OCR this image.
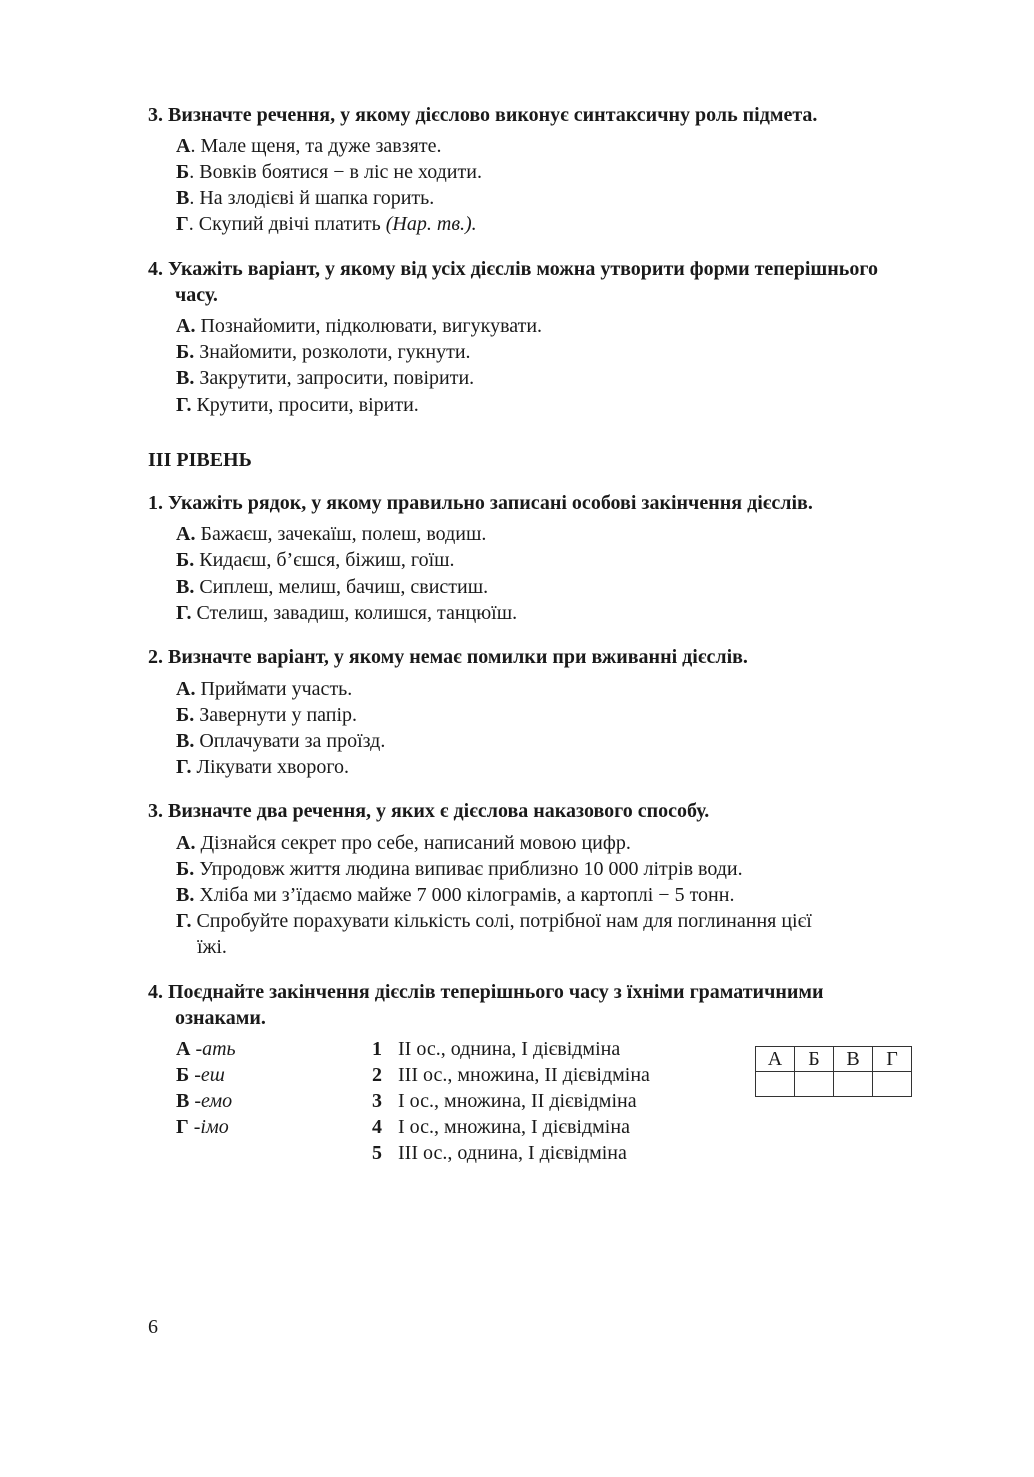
3. Визначте речення, у якому дієслово виконує синтаксичну роль підмета.
А. Мале щеня, та дуже завзяте.
Б. Вовків боятися − в ліс не ходити.
В. На злодієві й шапка горить.
Г. Скупий двічі платить (Нар. тв.).
4. Укажіть варіант, у якому від усіх дієслів можна утворити форми теперішнього
часу.
А. Познайомити, підколювати, вигукувати.
Б. Знайомити, розколоти, гукнути.
В. Закрутити, запросити, повірити.
Г. Крутити, просити, вірити.
ІІІ РІВЕНЬ
1. Укажіть рядок, у якому правильно записані особові закінчення дієслів.
А. Бажаєш, зачекаїш, полеш, водиш.
Б. Кидаєш, б’єшся, біжиш, гоїш.
В. Сиплеш, мелиш, бачиш, свистиш.
Г. Стелиш, завадиш, колишся, танцюїш.
2. Визначте варіант, у якому немає помилки при вживанні дієслів.
А. Приймати участь.
Б. Завернути у папір.
В. Оплачувати за проїзд.
Г. Лікувати хворого.
3. Визначте два речення, у яких є дієслова наказового способу.
А. Дізнайся секрет про себе, написаний мовою цифр.
Б. Упродовж життя людина випиває приблизно 10 000 літрів води.
В. Хліба ми з’їдаємо майже 7 000 кілограмів, а картоплі − 5 тонн.
Г. Спробуйте порахувати кількість солі, потрібної нам для поглинання цієї
їжі.
4. Поєднайте закінчення дієслів теперішнього часу з їхніми граматичними
ознаками.
А -ать
Б -еш
В -емо
Г -імо
1 II ос., однина, І дієвідміна
2 III ос., множина, II дієвідміна
3 I ос., множина, II дієвідміна
4 I ос., множина, І дієвідміна
5 III ос., однина, І дієвідміна
А	Б	В	Г

6
